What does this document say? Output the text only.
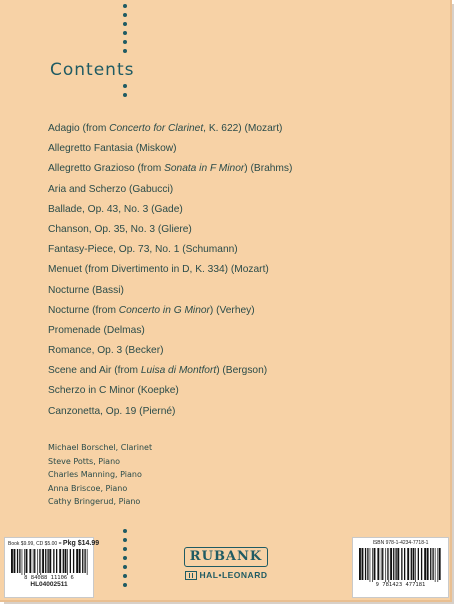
Contents
Adagio (from Concerto for Clarinet, K. 622) (Mozart)
Allegretto Fantasia (Miskow)
Allegretto Grazioso (from Sonata in F Minor) (Brahms)
Aria and Scherzo (Gabucci)
Ballade, Op. 43, No. 3 (Gade)
Chanson, Op. 35, No. 3 (Gliere)
Fantasy-Piece, Op. 73, No. 1 (Schumann)
Menuet (from Divertimento in D, K. 334) (Mozart)
Nocturne (Bassi)
Nocturne (from Concerto in G Minor) (Verhey)
Promenade (Delmas)
Romance, Op. 3 (Becker)
Scene and Air (from Luisa di Montfort) (Bergson)
Scherzo in C Minor (Koepke)
Canzonetta, Op. 19 (Pierné)
Michael Borschel, Clarinet
Steve Potts, Piano
Charles Manning, Piano
Anna Briscoe, Piano
Cathy Bringerud, Piano
RUBANK
HAL•LEONARD
Book $9.99, CD $5.00 = Pkg $14.99
8 84088 11106 6
HL04002511
ISBN 978-1-4234-7718-1
9 781423 477181
